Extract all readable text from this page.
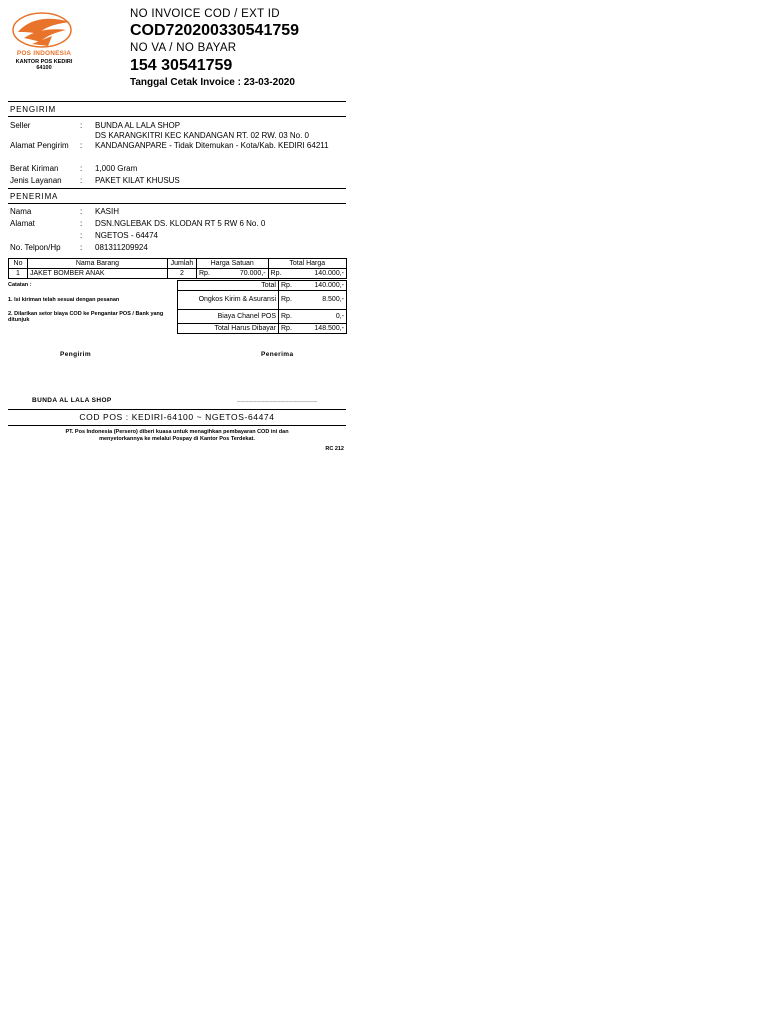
POS INDONESIA
KANTOR POS KEDIRI
64100
NO INVOICE COD / EXT ID
COD720200330541759
NO VA / NO BAYAR
154 30541759
Tanggal Cetak Invoice : 23-03-2020
PENGIRIM
Seller	: BUNDA AL LALA SHOP
Alamat Pengirim :
DS KARANGKITRI KEC KANDANGAN RT. 02 RW. 03 No. 0 KANDANGANPARE - Tidak Ditemukan - Kota/Kab. KEDIRI 64211
Berat Kiriman	: 1,000 Gram
Jenis Layanan : PAKET KILAT KHUSUS
PENERIMA
Nama	: KASIH
Alamat	: DSN.NGLEBAK DS. KLODAN RT 5 RW 6 No. 0
: NGETOS - 64474
No. Telpon/Hp : 081311209924
No	Nama Barang	Jumlah	Harga Satuan		Total Harga	
1	JAKET BOMBER ANAK	2	Rp.	70.000,-	Rp.	140.000,-
Catatan :
1. Isi kiriman telah sesuai dengan pesanan
2. Dilarikan setor biaya COD ke Pengantar POS / Bank yang ditunjuk
Total	Rp.	140.000,-
Ongkos Kirim & Asuransi	Rp.	8.500,-
Biaya Chanel POS	Rp.	0,-
Total Harus Dibayar	Rp.	148.500,-
Pengirim	Penerima
BUNDA AL LALA SHOP	____________________
COD POS : KEDIRI-64100 ~ NGETOS-64474
PT. Pos Indonesia (Persero) diberi kuasa untuk menagihkan pembayaran COD ini dan
menyetorkannya ke melalui Pospay di Kantor Pos Terdekat.
RC 212
